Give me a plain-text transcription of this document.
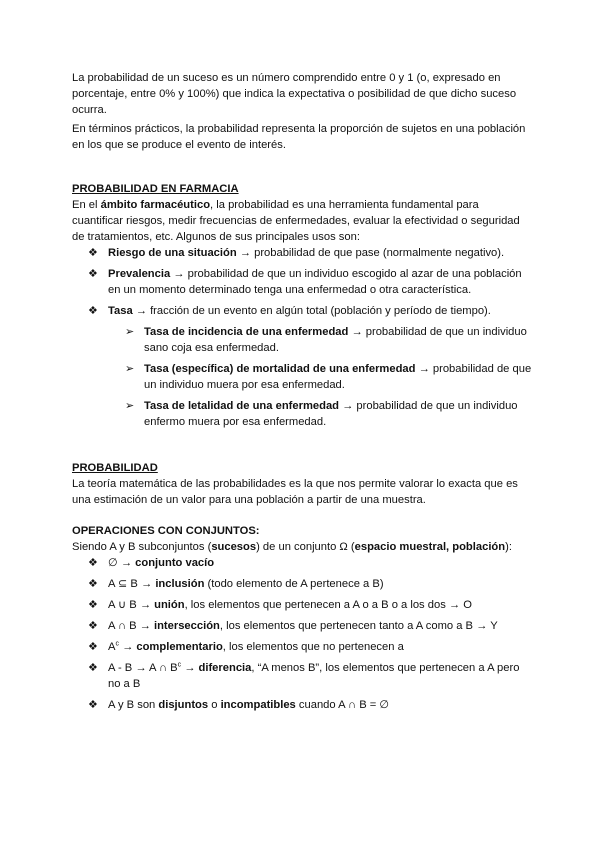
La probabilidad de un suceso es un número comprendido entre 0 y 1 (o, expresado en porcentaje, entre 0% y 100%) que indica la expectativa o posibilidad de que dicho suceso ocurra.

En términos prácticos, la probabilidad representa la proporción de sujetos en una población en los que se produce el evento de interés.

PROBABILIDAD EN FARMACIA

En el ámbito farmacéutico, la probabilidad es una herramienta fundamental para cuantificar riesgos, medir frecuencias de enfermedades, evaluar la efectividad o seguridad de tratamientos, etc. Algunos de sus principales usos son:

❖ Riesgo de una situación → probabilidad de que pase (normalmente negativo).
❖ Prevalencia → probabilidad de que un individuo escogido al azar de una población en un momento determinado tenga una enfermedad o otra característica.
❖ Tasa → fracción de un evento en algún total (población y período de tiempo).
➢ Tasa de incidencia de una enfermedad → probabilidad de que un individuo sano coja esa enfermedad.
➢ Tasa (específica) de mortalidad de una enfermedad → probabilidad de que un individuo muera por esa enfermedad.
➢ Tasa de letalidad de una enfermedad → probabilidad de que un individuo enfermo muera por esa enfermedad.

PROBABILIDAD

La teoría matemática de las probabilidades es la que nos permite valorar lo exacta que es una estimación de un valor para una población a partir de una muestra.

OPERACIONES CON CONJUNTOS:

Siendo A y B subconjuntos (sucesos) de un conjunto Ω (espacio muestral, población):

❖ ∅ → conjunto vacío
❖ A ⊆ B → inclusión (todo elemento de A pertenece a B)
❖ A ∪ B → unión, los elementos que pertenecen a A o a B o a los dos → O
❖ A ∩ B → intersección, los elementos que pertenecen tanto a A como a B → Y
❖ $A^c$ → complementario, los elementos que no pertenecen a
❖ A - B → A ∩ $B^c$ → diferencia, “A menos B”, los elementos que pertenecen a A pero no a B
❖ A y B son disjuntos o incompatibles cuando A ∩ B = ∅
